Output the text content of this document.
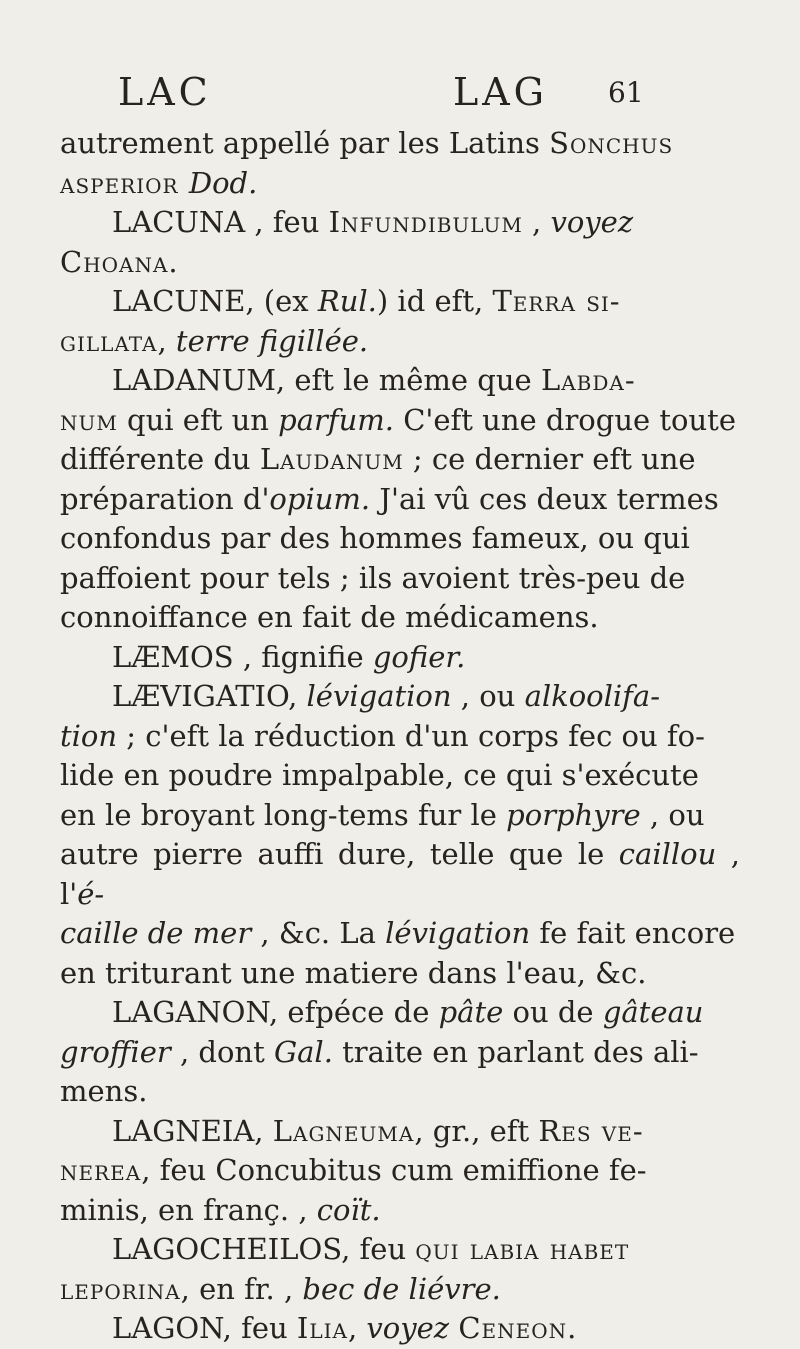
LAC	LAG 61

autrement appellé par les Latins Sonchus

asperior Dod.

LACUNA , feu Infundibulum , voyez

Choana.

LACUNE, (ex Rul.) id eft, Terra si-

gillata, terre figillée.

LADANUM, eft le même que Labda-

num qui eft un parfum. C'eft une drogue toute

différente du Laudanum ; ce dernier eft une

préparation d'opium. J'ai vû ces deux termes

confondus par des hommes fameux, ou qui

paffoient pour tels ; ils avoient très-peu de

connoiffance en fait de médicamens.

LÆMOS , fignifie gofier.

LÆVIGATIO, lévigation , ou alkoolifa-

tion ; c'eft la réduction d'un corps fec ou fo-

lide en poudre impalpable, ce qui s'exécute

en le broyant long-tems fur le porphyre , ou

autre pierre auffi dure, telle que le caillou , l'é-

caille de mer , &c. La lévigation fe fait encore

en triturant une matiere dans l'eau, &c.

LAGANON, efpéce de pâte ou de gâteau

groffier , dont Gal. traite en parlant des ali-

mens.

LAGNEIA, Lagneuma, gr., eft Res ve-

nerea, feu Concubitus cum emiffione fe-

minis, en franç. , coït.

LAGOCHEILOS, feu qui labia habet

leporina, en fr. , bec de liévre.

LAGON, feu Ilia, voyez Ceneon.
